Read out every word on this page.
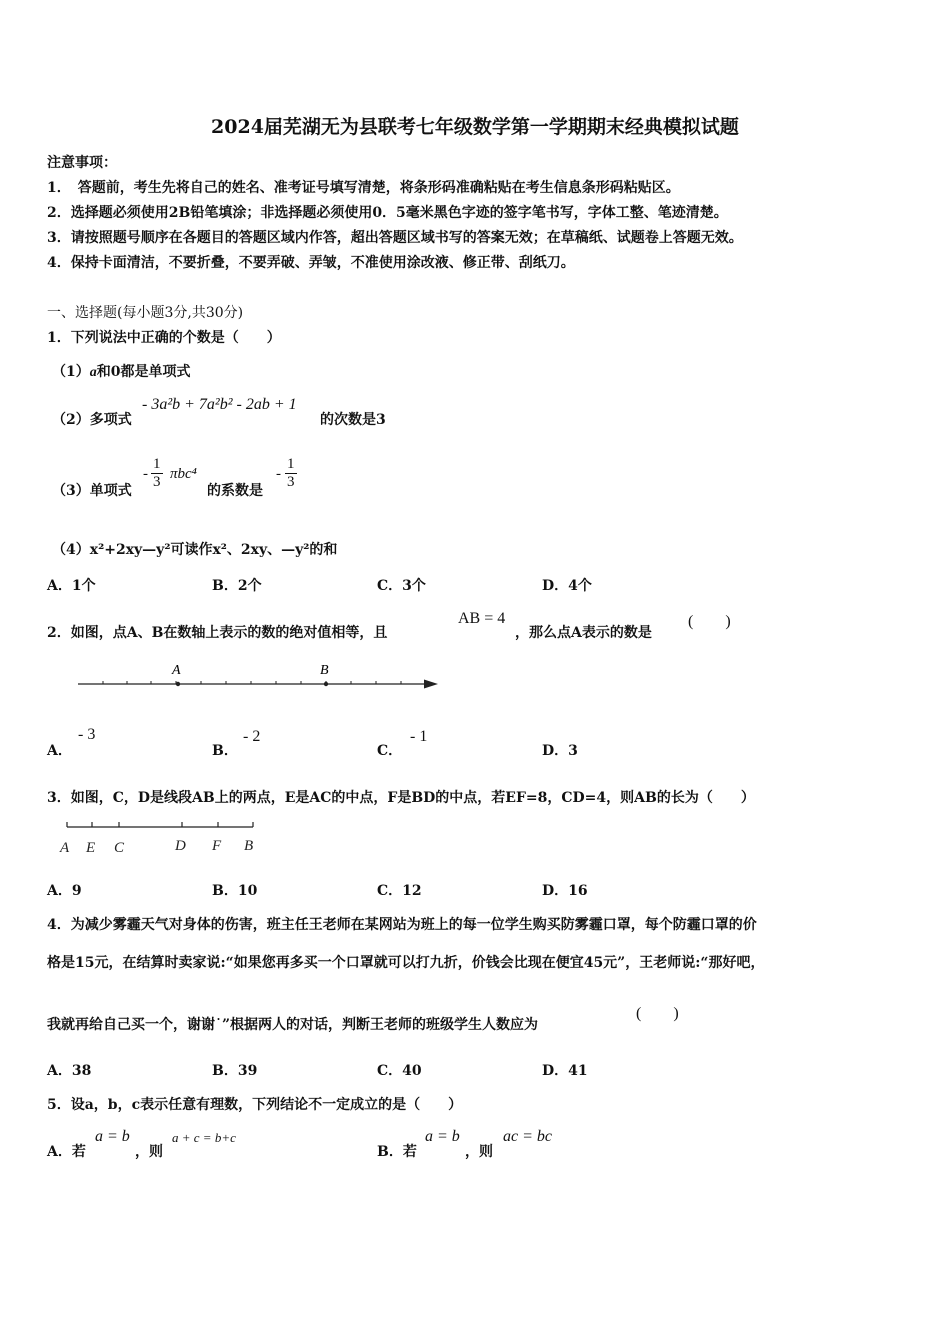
2024届芜湖无为县联考七年级数学第一学期期末经典模拟试题
注意事项：
1．　答题前，考生先将自己的姓名、准考证号填写清楚，将条形码准确粘贴在考生信息条形码粘贴区。
2．选择题必须使用2B铅笔填涂；非选择题必须使用0．5毫米黑色字迹的签字笔书写，字体工整、笔迹清楚。
3．请按照题号顺序在各题目的答题区域内作答，超出答题区域书写的答案无效；在草稿纸、试题卷上答题无效。
4．保持卡面清洁，不要折叠，不要弄破、弄皱，不准使用涂改液、修正带、刮纸刀。
一、选择题(每小题3分,共30分)
1．下列说法中正确的个数是（　　）
（1）a和0都是单项式
（2）多项式
- 3a²b + 7a²b² - 2ab + 1
的次数是3
（3）单项式
- $\frac{1}{3} \pi bc^4$
的系数是
- $\frac{1}{3}$
（4）x²+2xy—y²可读作x²、2xy、—y²的和
A．1个	B．2个	C．3个	D．4个
2．如图，点A、B在数轴上表示的数的绝对值相等，且
AB = 4
，那么点A表示的数是
(　　)
A	B
A．
- 3
B．
- 2
C．
- 1
D．3
3．如图，C，D是线段AB上的两点，E是AC的中点，F是BD的中点，若EF=8，CD=4，则AB的长为（　　）
A E C	D F B
A．9	B．10	C．12	D．16
4．为减少雾霾天气对身体的伤害，班主任王老师在某网站为班上的每一位学生购买防雾霾口罩，每个防霾口罩的价
格是15元，在结算时卖家说:“如果您再多买一个口罩就可以打九折，价钱会比现在便宜45元”，王老师说:“那好吧，
我就再给自己买一个，谢谢˙”根据两人的对话，判断王老师的班级学生人数应为
(　　)
A．38	B．39	C．40	D．41
5．设a，b，c表示任意有理数，下列结论不一定成立的是（　　）
A．若
a = b
，则
a + c = b+c
B．若
a = b
，则
ac = bc
